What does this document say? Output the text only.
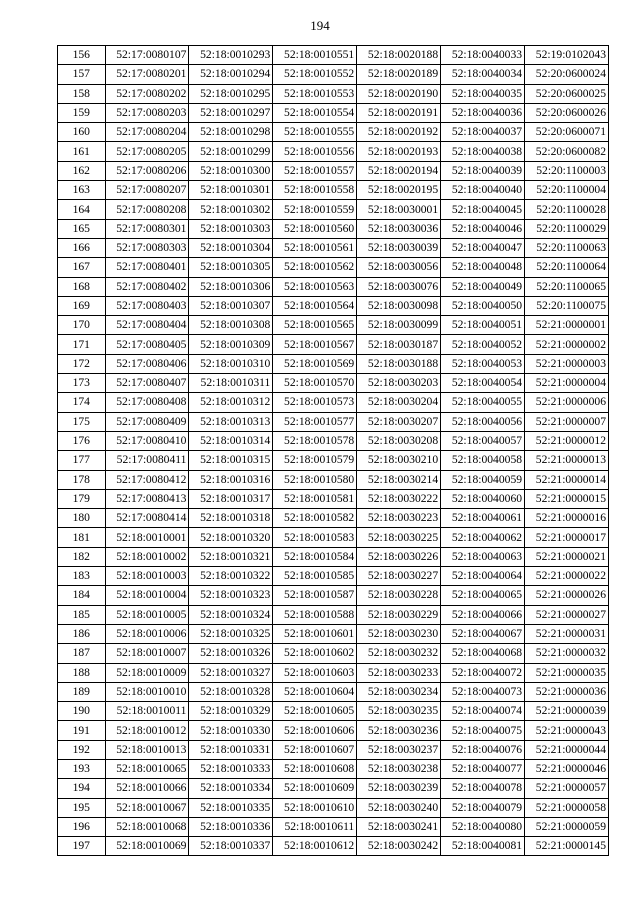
194
156	52:17:0080107	52:18:0010293	52:18:0010551	52:18:0020188	52:18:0040033	52:19:0102043
157	52:17:0080201	52:18:0010294	52:18:0010552	52:18:0020189	52:18:0040034	52:20:0600024
158	52:17:0080202	52:18:0010295	52:18:0010553	52:18:0020190	52:18:0040035	52:20:0600025
159	52:17:0080203	52:18:0010297	52:18:0010554	52:18:0020191	52:18:0040036	52:20:0600026
160	52:17:0080204	52:18:0010298	52:18:0010555	52:18:0020192	52:18:0040037	52:20:0600071
161	52:17:0080205	52:18:0010299	52:18:0010556	52:18:0020193	52:18:0040038	52:20:0600082
162	52:17:0080206	52:18:0010300	52:18:0010557	52:18:0020194	52:18:0040039	52:20:1100003
163	52:17:0080207	52:18:0010301	52:18:0010558	52:18:0020195	52:18:0040040	52:20:1100004
164	52:17:0080208	52:18:0010302	52:18:0010559	52:18:0030001	52:18:0040045	52:20:1100028
165	52:17:0080301	52:18:0010303	52:18:0010560	52:18:0030036	52:18:0040046	52:20:1100029
166	52:17:0080303	52:18:0010304	52:18:0010561	52:18:0030039	52:18:0040047	52:20:1100063
167	52:17:0080401	52:18:0010305	52:18:0010562	52:18:0030056	52:18:0040048	52:20:1100064
168	52:17:0080402	52:18:0010306	52:18:0010563	52:18:0030076	52:18:0040049	52:20:1100065
169	52:17:0080403	52:18:0010307	52:18:0010564	52:18:0030098	52:18:0040050	52:20:1100075
170	52:17:0080404	52:18:0010308	52:18:0010565	52:18:0030099	52:18:0040051	52:21:0000001
171	52:17:0080405	52:18:0010309	52:18:0010567	52:18:0030187	52:18:0040052	52:21:0000002
172	52:17:0080406	52:18:0010310	52:18:0010569	52:18:0030188	52:18:0040053	52:21:0000003
173	52:17:0080407	52:18:0010311	52:18:0010570	52:18:0030203	52:18:0040054	52:21:0000004
174	52:17:0080408	52:18:0010312	52:18:0010573	52:18:0030204	52:18:0040055	52:21:0000006
175	52:17:0080409	52:18:0010313	52:18:0010577	52:18:0030207	52:18:0040056	52:21:0000007
176	52:17:0080410	52:18:0010314	52:18:0010578	52:18:0030208	52:18:0040057	52:21:0000012
177	52:17:0080411	52:18:0010315	52:18:0010579	52:18:0030210	52:18:0040058	52:21:0000013
178	52:17:0080412	52:18:0010316	52:18:0010580	52:18:0030214	52:18:0040059	52:21:0000014
179	52:17:0080413	52:18:0010317	52:18:0010581	52:18:0030222	52:18:0040060	52:21:0000015
180	52:17:0080414	52:18:0010318	52:18:0010582	52:18:0030223	52:18:0040061	52:21:0000016
181	52:18:0010001	52:18:0010320	52:18:0010583	52:18:0030225	52:18:0040062	52:21:0000017
182	52:18:0010002	52:18:0010321	52:18:0010584	52:18:0030226	52:18:0040063	52:21:0000021
183	52:18:0010003	52:18:0010322	52:18:0010585	52:18:0030227	52:18:0040064	52:21:0000022
184	52:18:0010004	52:18:0010323	52:18:0010587	52:18:0030228	52:18:0040065	52:21:0000026
185	52:18:0010005	52:18:0010324	52:18:0010588	52:18:0030229	52:18:0040066	52:21:0000027
186	52:18:0010006	52:18:0010325	52:18:0010601	52:18:0030230	52:18:0040067	52:21:0000031
187	52:18:0010007	52:18:0010326	52:18:0010602	52:18:0030232	52:18:0040068	52:21:0000032
188	52:18:0010009	52:18:0010327	52:18:0010603	52:18:0030233	52:18:0040072	52:21:0000035
189	52:18:0010010	52:18:0010328	52:18:0010604	52:18:0030234	52:18:0040073	52:21:0000036
190	52:18:0010011	52:18:0010329	52:18:0010605	52:18:0030235	52:18:0040074	52:21:0000039
191	52:18:0010012	52:18:0010330	52:18:0010606	52:18:0030236	52:18:0040075	52:21:0000043
192	52:18:0010013	52:18:0010331	52:18:0010607	52:18:0030237	52:18:0040076	52:21:0000044
193	52:18:0010065	52:18:0010333	52:18:0010608	52:18:0030238	52:18:0040077	52:21:0000046
194	52:18:0010066	52:18:0010334	52:18:0010609	52:18:0030239	52:18:0040078	52:21:0000057
195	52:18:0010067	52:18:0010335	52:18:0010610	52:18:0030240	52:18:0040079	52:21:0000058
196	52:18:0010068	52:18:0010336	52:18:0010611	52:18:0030241	52:18:0040080	52:21:0000059
197	52:18:0010069	52:18:0010337	52:18:0010612	52:18:0030242	52:18:0040081	52:21:0000145
